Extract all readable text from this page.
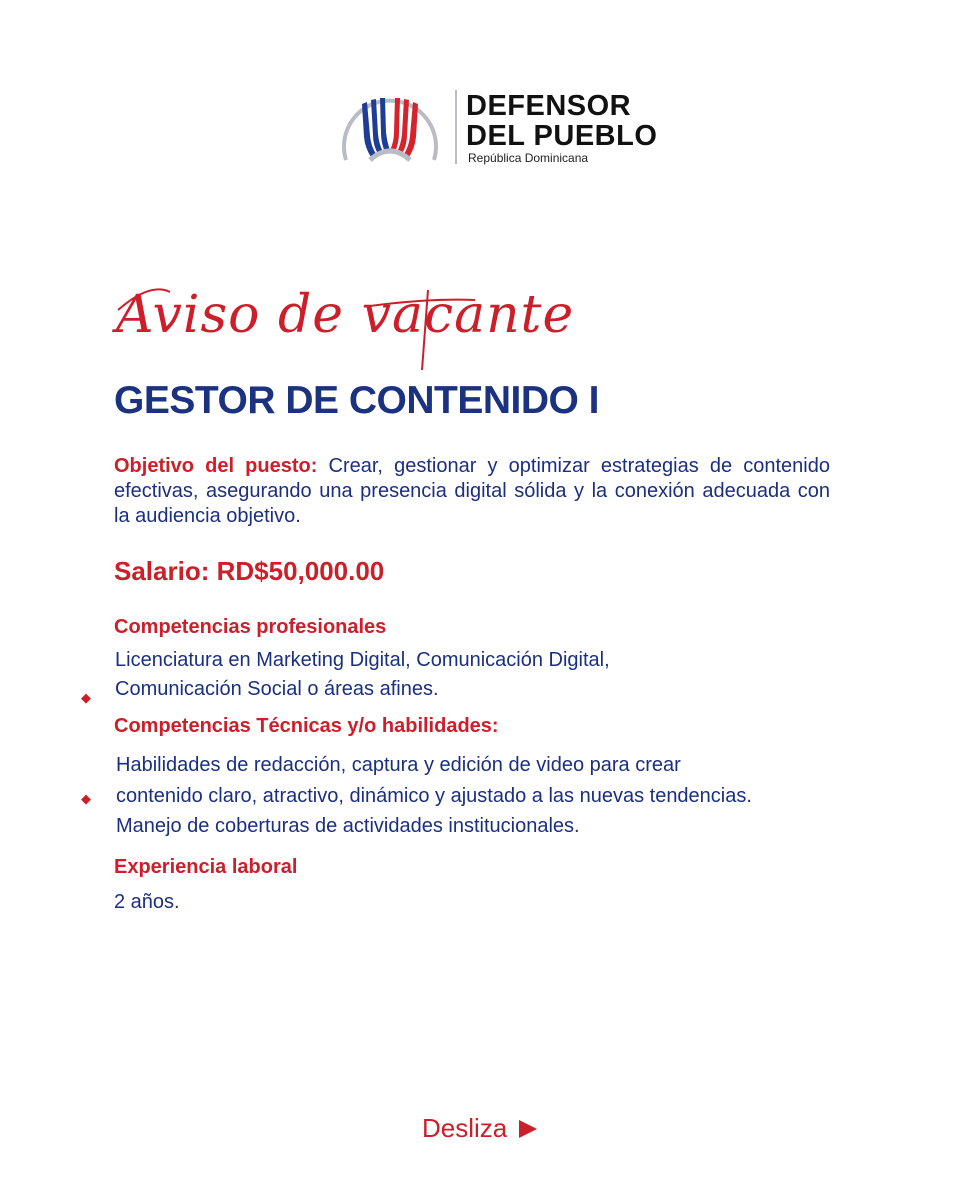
DEFENSOR
DEL PUEBLO
República Dominicana
Aviso de vacante
GESTOR DE CONTENIDO I
Objetivo del puesto: Crear, gestionar y optimizar estrategias de contenido efectivas, asegurando una presencia digital sólida y la conexión adecuada con la audiencia objetivo.
Salario: RD$50,000.00
Competencias profesionales
Licenciatura en Marketing Digital, Comunicación Digital,
Comunicación Social o áreas afines.
◆
Competencias Técnicas y/o habilidades:
Habilidades de redacción, captura y edición de video para crear
contenido claro, atractivo, dinámico y ajustado a las nuevas tendencias.
Manejo de coberturas de actividades institucionales.
◆
Experiencia laboral
2 años.
Desliza
